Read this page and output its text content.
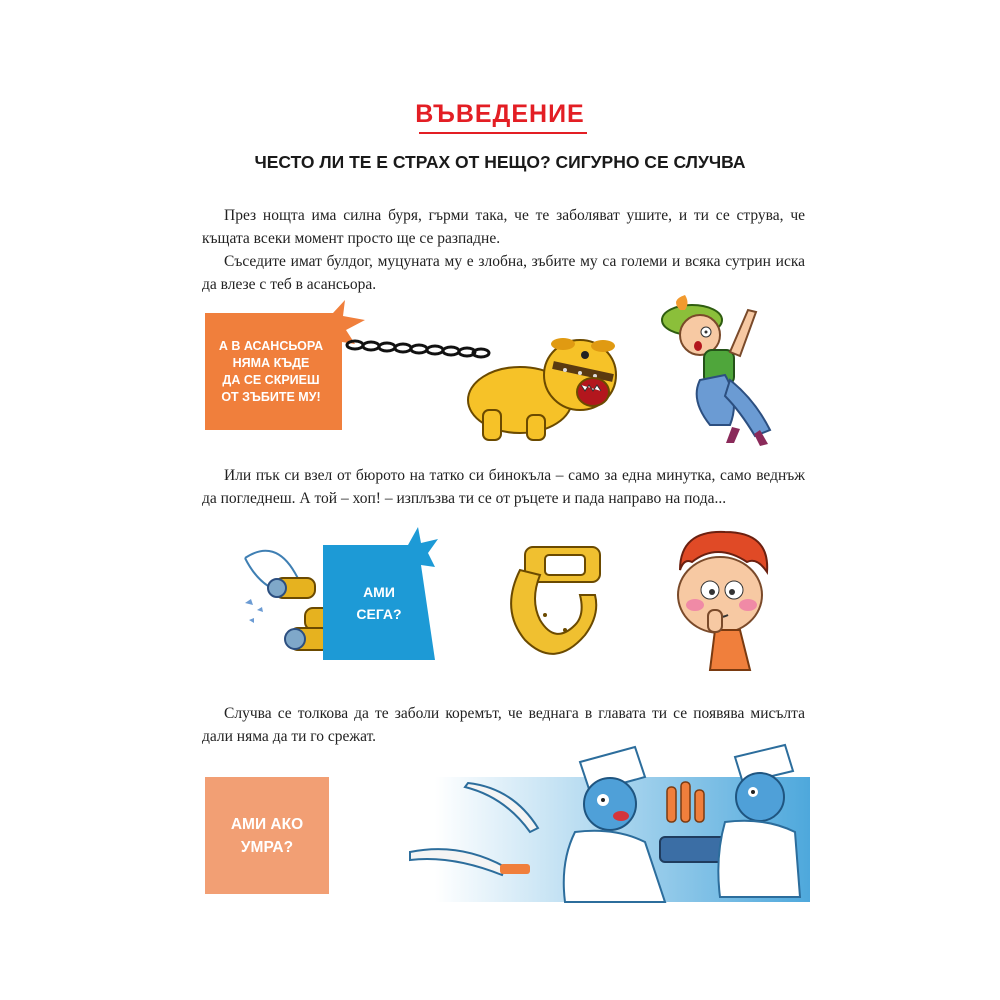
ВЪВЕДЕНИЕ
ЧЕСТО ЛИ ТЕ Е СТРАХ ОТ НЕЩО? СИГУРНО СЕ СЛУЧВА

През нощта има силна буря, гърми така, че те заболяват ушите, и ти се струва, че къщата всеки момент просто ще се разпадне.

Съседите имат булдог, муцуната му е злобна, зъбите му са големи и всяка сутрин иска да влезе с теб в асансьора.

А В АСАНСЬОРА
НЯМА КЪДЕ
ДА СЕ СКРИЕШ
ОТ ЗЪБИТЕ МУ!

Или пък си взел от бюрото на татко си бинокъла – само за една минутка, само веднъж да погледнеш. А той – хоп! – изплъзва ти се от ръцете и пада направо на пода...

АМИ
СЕГА?

Случва се толкова да те заболи коремът, че веднага в главата ти се появява мисълта дали няма да ти го срежат.

АМИ АКО
УМРА?
